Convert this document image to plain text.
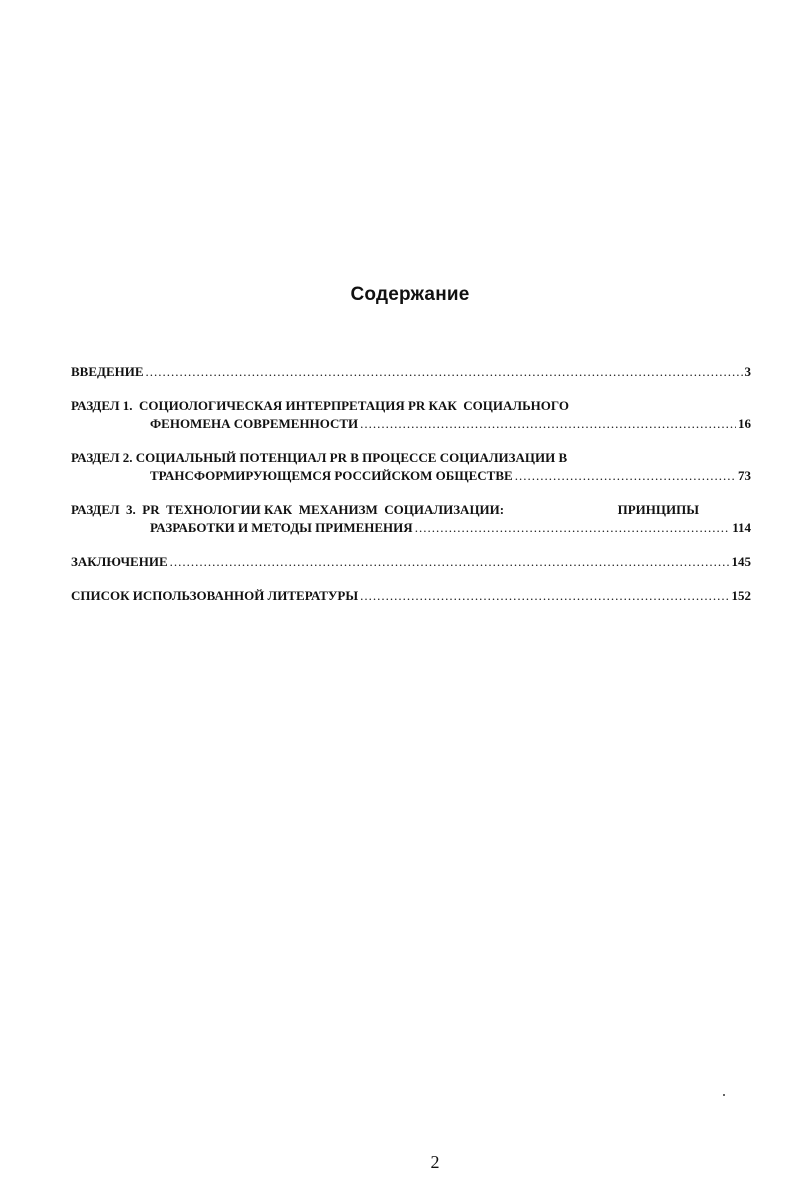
Содержание
ВВЕДЕНИЕ .....	3
РАЗДЕЛ 1.  СОЦИОЛОГИЧЕСКАЯ ИНТЕРПРЕТАЦИЯ PR КАК  СОЦИАЛЬНОГО
ФЕНОМЕНА СОВРЕМЕННОСТИ .....	16
РАЗДЕЛ 2. СОЦИАЛЬНЫЙ ПОТЕНЦИАЛ PR В ПРОЦЕССЕ СОЦИАЛИЗАЦИИ В
ТРАНСФОРМИРУЮЩЕМСЯ РОССИЙСКОМ ОБЩЕСТВЕ .....	73
РАЗДЕЛ  3.  PR  ТЕХНОЛОГИИ КАК  МЕХАНИЗМ  СОЦИАЛИЗАЦИИ:	ПРИНЦИПЫ
РАЗРАБОТКИ И МЕТОДЫ ПРИМЕНЕНИЯ .....	114
ЗАКЛЮЧЕНИЕ .....	145
СПИСОК ИСПОЛЬЗОВАННОЙ ЛИТЕРАТУРЫ .....	152
2
